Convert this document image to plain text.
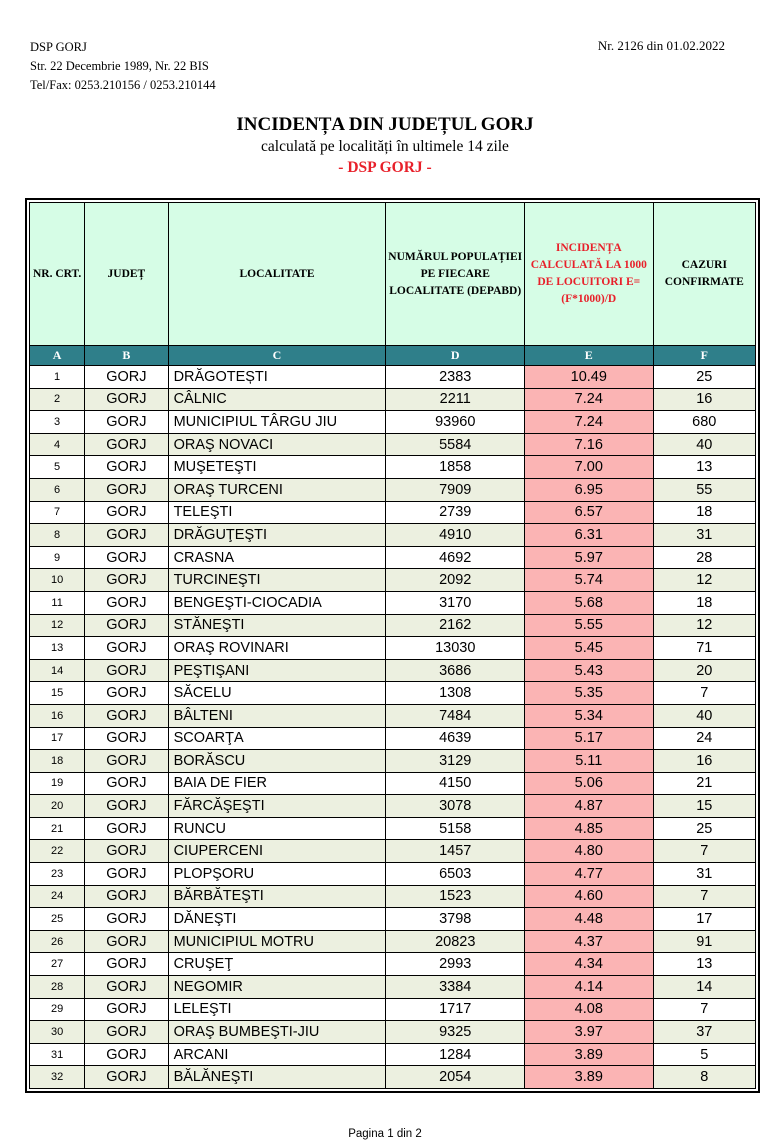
DSP GORJ
Str. 22 Decembrie 1989, Nr. 22 BIS
Tel/Fax: 0253.210156 / 0253.210144
Nr. 2126 din 01.02.2022
INCIDENȚA DIN JUDEȚUL GORJ
calculată pe localități în ultimele 14 zile
- DSP GORJ -
NR. CRT.	JUDEȚ	LOCALITATE	NUMĂRUL POPULAȚIEI PE FIECARE LOCALITATE (DEPABD)	INCIDENȚA CALCULATĂ LA 1000 DE LOCUITORI E=(F*1000)/D	CAZURI CONFIRMATE
A	B	C	D	E	F
1	GORJ	DRĂGOTEȘTI	2383	10.49	25
2	GORJ	CÂLNIC	2211	7.24	16
3	GORJ	MUNICIPIUL TÂRGU JIU	93960	7.24	680
4	GORJ	ORAŞ NOVACI	5584	7.16	40
5	GORJ	MUŞETEŞTI	1858	7.00	13
6	GORJ	ORAŞ TURCENI	7909	6.95	55
7	GORJ	TELEŞTI	2739	6.57	18
8	GORJ	DRĂGUŢEŞTI	4910	6.31	31
9	GORJ	CRASNA	4692	5.97	28
10	GORJ	TURCINEŞTI	2092	5.74	12
11	GORJ	BENGEŞTI-CIOCADIA	3170	5.68	18
12	GORJ	STĂNEŞTI	2162	5.55	12
13	GORJ	ORAŞ ROVINARI	13030	5.45	71
14	GORJ	PEŞTIŞANI	3686	5.43	20
15	GORJ	SĂCELU	1308	5.35	7
16	GORJ	BÂLTENI	7484	5.34	40
17	GORJ	SCOARŢA	4639	5.17	24
18	GORJ	BORĂSCU	3129	5.11	16
19	GORJ	BAIA DE FIER	4150	5.06	21
20	GORJ	FĂRCĂŞEŞTI	3078	4.87	15
21	GORJ	RUNCU	5158	4.85	25
22	GORJ	CIUPERCENI	1457	4.80	7
23	GORJ	PLOPŞORU	6503	4.77	31
24	GORJ	BĂRBĂTEŞTI	1523	4.60	7
25	GORJ	DĂNEŞTI	3798	4.48	17
26	GORJ	MUNICIPIUL MOTRU	20823	4.37	91
27	GORJ	CRUŞEŢ	2993	4.34	13
28	GORJ	NEGOMIR	3384	4.14	14
29	GORJ	LELEŞTI	1717	4.08	7
30	GORJ	ORAŞ BUMBEŞTI-JIU	9325	3.97	37
31	GORJ	ARCANI	1284	3.89	5
32	GORJ	BĂLĂNEŞTI	2054	3.89	8
Pagina 1 din 2
